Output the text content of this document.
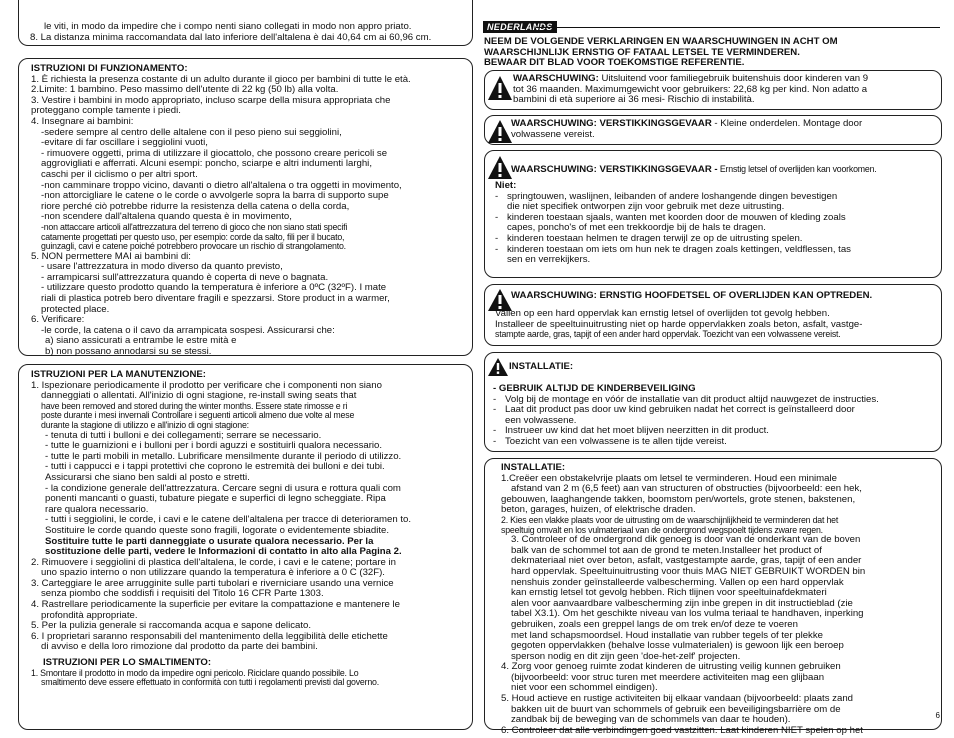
le viti, in modo da impedire che i compo nenti siano collegati in modo non appro priato.
8. La distanza minima raccomandata dal lato inferiore dell'altalena è dai 40,64 cm ai 60,96 cm.
ISTRUZIONI DI FUNZIONAMENTO:
1. È richiesta la presenza costante di un adulto durante il gioco per bambini di tutte le età.
2.Limite: 1 bambino. Peso massimo dell'utente di 22 kg (50 lb) alla volta.
3. Vestire i bambini in modo appropriato, incluso scarpe della misura appropriata che
proteggano comple tamente i piedi.
4. Insegnare ai bambini:
-sedere sempre al centro delle altalene con il peso pieno sui seggiolini,
-evitare di far oscillare i seggiolini vuoti,
- rimuovere oggetti, prima di utilizzare il giocattolo, che possono creare pericoli se
aggrovigliati e afferrati. Alcuni esempi: poncho, sciarpe e altri indumenti larghi,
caschi per il ciclismo o per altri sport.
-non camminare troppo vicino, davanti o dietro all'altalena o tra oggetti in movimento,
-non attorcigliare le catene o le corde o avvolgerle sopra la barra di supporto supe
riore perché ciò potrebbe ridurre la resistenza della catena o della corda,
-non scendere dall'altalena quando questa è in movimento,
-non attaccare articoli all'attrezzatura del terreno di gioco che non siano stati specifi
catamente progettati per questo uso, per esempio: corde da salto, fili per il bucato,
guinzagli, cavi e catene poiché potrebbero provocare un rischio di strangolamento.
5. NON permettere MAI ai bambini di:
- usare l'attrezzatura in modo diverso da quanto previsto,
- arrampicarsi sull'attrezzatura quando è coperta di neve o bagnata.
- utilizzare questo prodotto quando la temperatura è inferiore a 0ºC (32ºF). I mate
riali di plastica potreb bero diventare fragili e spezzarsi. Store product in a warmer,
protected place.
6. Verificare:
-le corde, la catena o il cavo da arrampicata sospesi. Assicurarsi che:
a) siano assicurati a entrambe le estre mità e
b) non possano annodarsi su se stessi.
ISTRUZIONI PER LA MANUTENZIONE:
1. Ispezionare periodicamente il prodotto per verificare che i componenti non siano
danneggiati o allentati. All'inizio di ogni stagione, re-install swing seats that
have been removed and stored during the winter months. Essere state rimosse e ri
poste durante i mesi invernali Controllare i seguenti articoli almeno due volte al mese
durante la stagione di utilizzo e all'inizio di ogni stagione:
- tenuta di tutti i bulloni e dei collegamenti; serrare se necessario.
- tutte le guarnizioni e i bulloni per i bordi aguzzi e sostituirli qualora necessario.
- tutte le parti mobili in metallo. Lubrificare mensilmente durante il periodo di utilizzo.
- tutti i cappucci e i tappi protettivi che coprono le estremità dei bulloni e dei tubi.
Assicurarsi che siano ben saldi al posto e stretti.
- la condizione generale dell'attrezzatura. Cercare segni di usura e rottura quali com
ponenti mancanti o guasti, tubature piegate e superfici di legno scheggiate. Ripa
rare qualora necessario.
- tutti i seggiolini, le corde, i cavi e le catene dell'altalena per tracce di deterioramen to.
Sostituire le corde quando queste sono fragili, logorate o evidentemente sbiadite.
Sostituire tutte le parti danneggiate o usurate qualora necessario. Per la
sostituzione delle parti, vedere le Informazioni di contatto in alto alla Pagina 2.
2. Rimuovere i seggiolini di plastica dell'altalena, le corde, i cavi e le catene; portare in
uno spazio interno o non utilizzare quando la temperatura è inferiore a 0 C (32F).
3. Carteggiare le aree arrugginite sulle parti tubolari e riverniciare usando una vernice
senza piombo che soddisfi i requisiti del Titolo 16 CFR Parte 1303.
4. Rastrellare periodicamente la superficie per evitare la compattazione e mantenere le
profondità appropriate.
5. Per la pulizia generale si raccomanda acqua e sapone delicato.
6. I proprietari saranno responsabili del mantenimento della leggibilità delle etichette
di avviso e della loro rimozione dal prodotto da parte dei bambini.
ISTRUZIONI PER LO SMALTIMENTO:
1. Smontare il prodotto in modo da impedire ogni pericolo. Riciclare quando possibile. Lo
smaltimento deve essere effettuato in conformità con tutti i regolamenti previsti dal governo.
NEDERLANDS
NEEM DE VOLGENDE VERKLARINGEN EN WAARSCHUWINGEN IN ACHT OM
WAARSCHIJNLIJK ERNSTIG OF FATAAL LETSEL TE VERMINDEREN.
BEWAAR DIT BLAD VOOR TOEKOMSTIGE REFERENTIE.
WAARSCHUWING: Uitsluitend voor familiegebruik buitenshuis door kinderen van 9
tot 36 maanden. Maximumgewicht voor gebruikers: 22,68 kg per kind. Non adatto a
bambini di età superiore ai 36 mesi- Rischio di instabilità.
WAARSCHUWING: VERSTIKKINGSGEVAAR - Kleine onderdelen. Montage door
volwassene vereist.
WAARSCHUWING: VERSTIKKINGSGEVAAR - Ernstig letsel of overlijden kan voorkomen.
Niet:
- springtouwen, waslijnen, leibanden of andere loshangende dingen bevestigen
die niet specifiek ontworpen zijn voor gebruik met deze uitrusting.
- kinderen toestaan sjaals, wanten met koorden door de mouwen of kleding zoals
capes, poncho's of met een trekkoordje bij de hals te dragen.
- kinderen toestaan helmen te dragen terwijl ze op de uitrusting spelen.
- kinderen toestaan om iets om hun nek te dragen zoals kettingen, veldflessen, tas
sen en verrekijkers.
WAARSCHUWING: ERNSTIG HOOFDETSEL OF OVERLIJDEN KAN OPTREDEN.
Vallen op een hard oppervlak kan ernstig letsel of overlijden tot gevolg hebben.
Installeer de speeltuinuitrusting niet op harde oppervlakken zoals beton, asfalt, vastge-
stampte aarde, gras, tapijt of een ander hard oppervlak. Toezicht van een volwassene vereist.
INSTALLATIE:
- GEBRUIK ALTIJD DE KINDERBEVEILIGING
- Volg bij de montage en vóór de installatie van dit product altijd nauwgezet de instructies.
- Laat dit product pas door uw kind gebruiken nadat het correct is geïnstalleerd door
een volwassene.
- Instrueer uw kind dat het moet blijven neerzitten in dit product.
- Toezicht van een volwassene is te allen tijde vereist.
INSTALLATIE:
1.Creëer een obstakelvrije plaats om letsel te verminderen. Houd een minimale
afstand van 2 m (6,5 feet) aan van structuren of obstructies (bijvoorbeeld: een hek,
gebouwen, laaghangende takken, boomstom pen/wortels, grote stenen, bakstenen,
beton, garages, huizen, of elektrische draden.
2. Kies een vlakke plaats voor de uitrusting om de waarschijnlijkheid te verminderen dat het
speeltuig omvalt en los vulmateriaal van de ondergrond wegspoelt tijdens zware regen.
3. Controleer of de ondergrond dik genoeg is door van de onderkant van de boven
balk van de schommel tot aan de grond te meten.Installeer het product of
dekmateriaal niet over beton, asfalt, vastgestampte aarde, gras, tapijt of een ander
hard oppervlak. Speeltuinuitrusting voor thuis MAG NIET GEBRUIKT WORDEN bin
nenshuis zonder geïnstalleerde valbescherming. Vallen op een hard oppervlak
kan ernstig letsel tot gevolg hebben. Rich tlijnen voor speeltuinafdekmateri
alen voor aanvaardbare valbescherming zijn inbe grepen in dit instructieblad (zie
tabel X3.1). Om het geschikte niveau van los vulma teriaal te handhaven, inperking
gebruiken, zoals een greppel langs de om trek en/of deze te voeren
met land schapsmoordsel. Houd installatie van rubber tegels of ter plekke
gegoten oppervlakken (behalve losse vulmaterialen) is gewoon lijk een beroep
sperson nodig en dit zijn geen 'doe-het-zelf' projecten.
4. Zorg voor genoeg ruimte zodat kinderen de uitrusting veilig kunnen gebruiken
(bijvoorbeeld: voor struc turen met meerdere activiteiten mag een glijbaan
niet voor een schommel eindigen).
5. Houd actieve en rustige activiteiten bij elkaar vandaan (bijvoorbeeld: plaats zand
bakken uit de buurt van schommels of gebruik een beveiligingsbarrière om de
zandbak bij de beweging van de schommels van daar te houden).
6. Controleer dat alle verbindingen goed vastzitten. Laat kinderen NIET spelen op het
6
